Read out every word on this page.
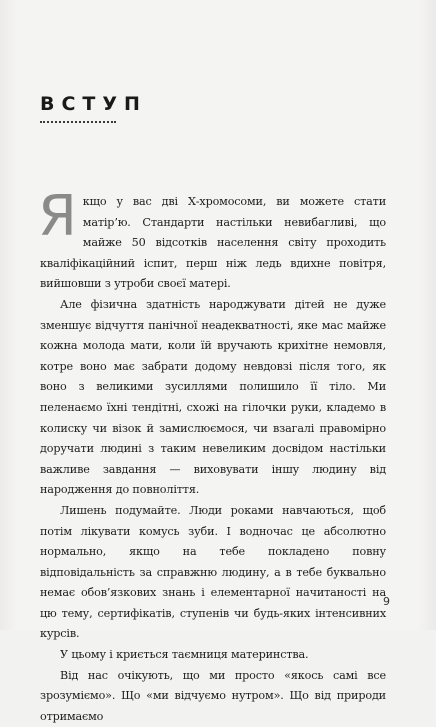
ВСТУП

Якщо у вас дві Х-хромосоми, ви можете стати матір’ю. Стандарти настільки невибагливі, що майже 50 відсотків населення світу проходить кваліфікаційний іспит, перш ніж ледь вдихне повітря, вийшовши з утроби своєї матері.

Але фізична здатність народжувати дітей не дуже зменшує відчуття панічної неадекватності, яке мас майже кожна молода мати, коли їй вручають крихітне немовля, котре воно має забрати додому невдовзі після того, як воно з великими зусиллями полишило її тіло. Ми пеленаємо їхні тендітні, схожі на гілочки руки, кладемо в колиску чи візок й замислюємося, чи взагалі правомірно доручати людині з таким невеликим досвідом настільки важливе завдання — виховувати іншу людину від народження до повноліття.

Лишень подумайте. Люди роками навчаються, щоб потім лікувати комусь зуби. І водночас це абсолютно нормально, якщо на тебе покладено повну відповідальність за справжню людину, а в тебе буквально немає обов’язкових знань і елементарної начитаності на цю тему, сертифікатів, ступенів чи будь-яких інтенсивних курсів.

У цьому і криється таємниця материнства.

Від нас очікують, що ми просто «якось самі все зрозуміємо». Що «ми відчуємо нутром». Що від природи отримаємо

9
